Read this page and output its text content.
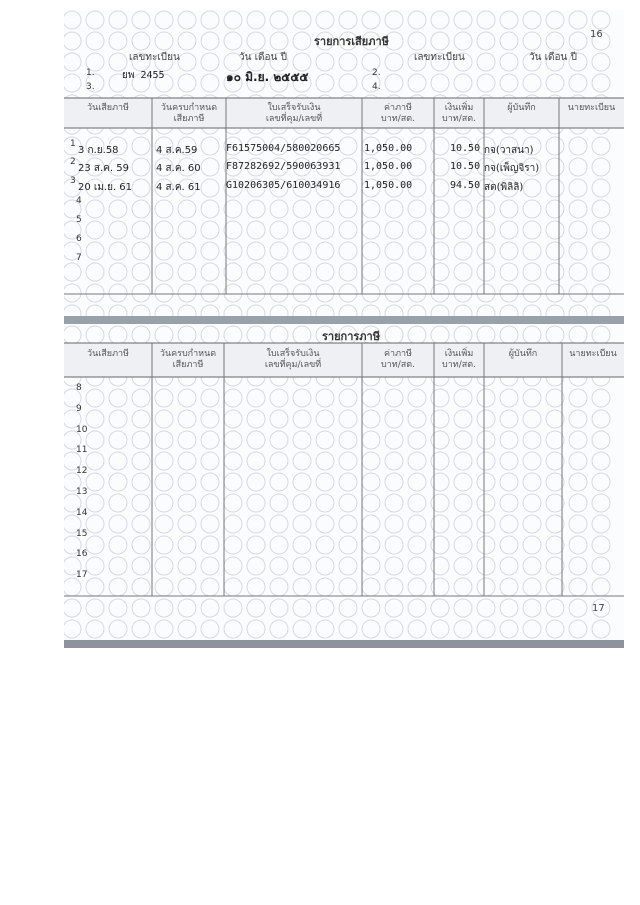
16
รายการเสียภาษี
เลขทะเบียน	วัน เดือน ปี	เลขทะเบียน	วัน เดือน ปี
1.	ยพ 2455	๑๐ มิ.ย. ๒๕๕๕
3.
2.
4.
วันเสียภาษี	วันครบกำหนด
เสียภาษี
ใบเสร็จรับเงิน
เลขที่คุม/เลขที่
ค่าภาษี
บาท/สต.
เงินเพิ่ม
บาท/สต.
ผู้บันทึก	นายทะเบียน
1
3 ก.ย.58	4 ส.ค.59	F61575004/580020665 1,050.00	10.50 กจ(วาสนา)
2
23 ส.ค. 59	4 ส.ค. 60	F87282692/590063931 1,050.00	10.50 กจ(เพ็ญจิรา)
3
20 เม.ย. 61 4 ส.ค. 61	G10206305/610034916 1,050.00	94.50 สต(พิลิลิ)
4
5
6
7
รายการภาษี
วันเสียภาษี	วันครบกำหนด
เสียภาษี
ใบเสร็จรับเงิน
เลขที่คุม/เลขที่
ค่าภาษี
บาท/สต.
เงินเพิ่ม
บาท/สต.
ผู้บันทึก	นายทะเบียน
8
9
10
11
12
13
14
15
16
17
17
